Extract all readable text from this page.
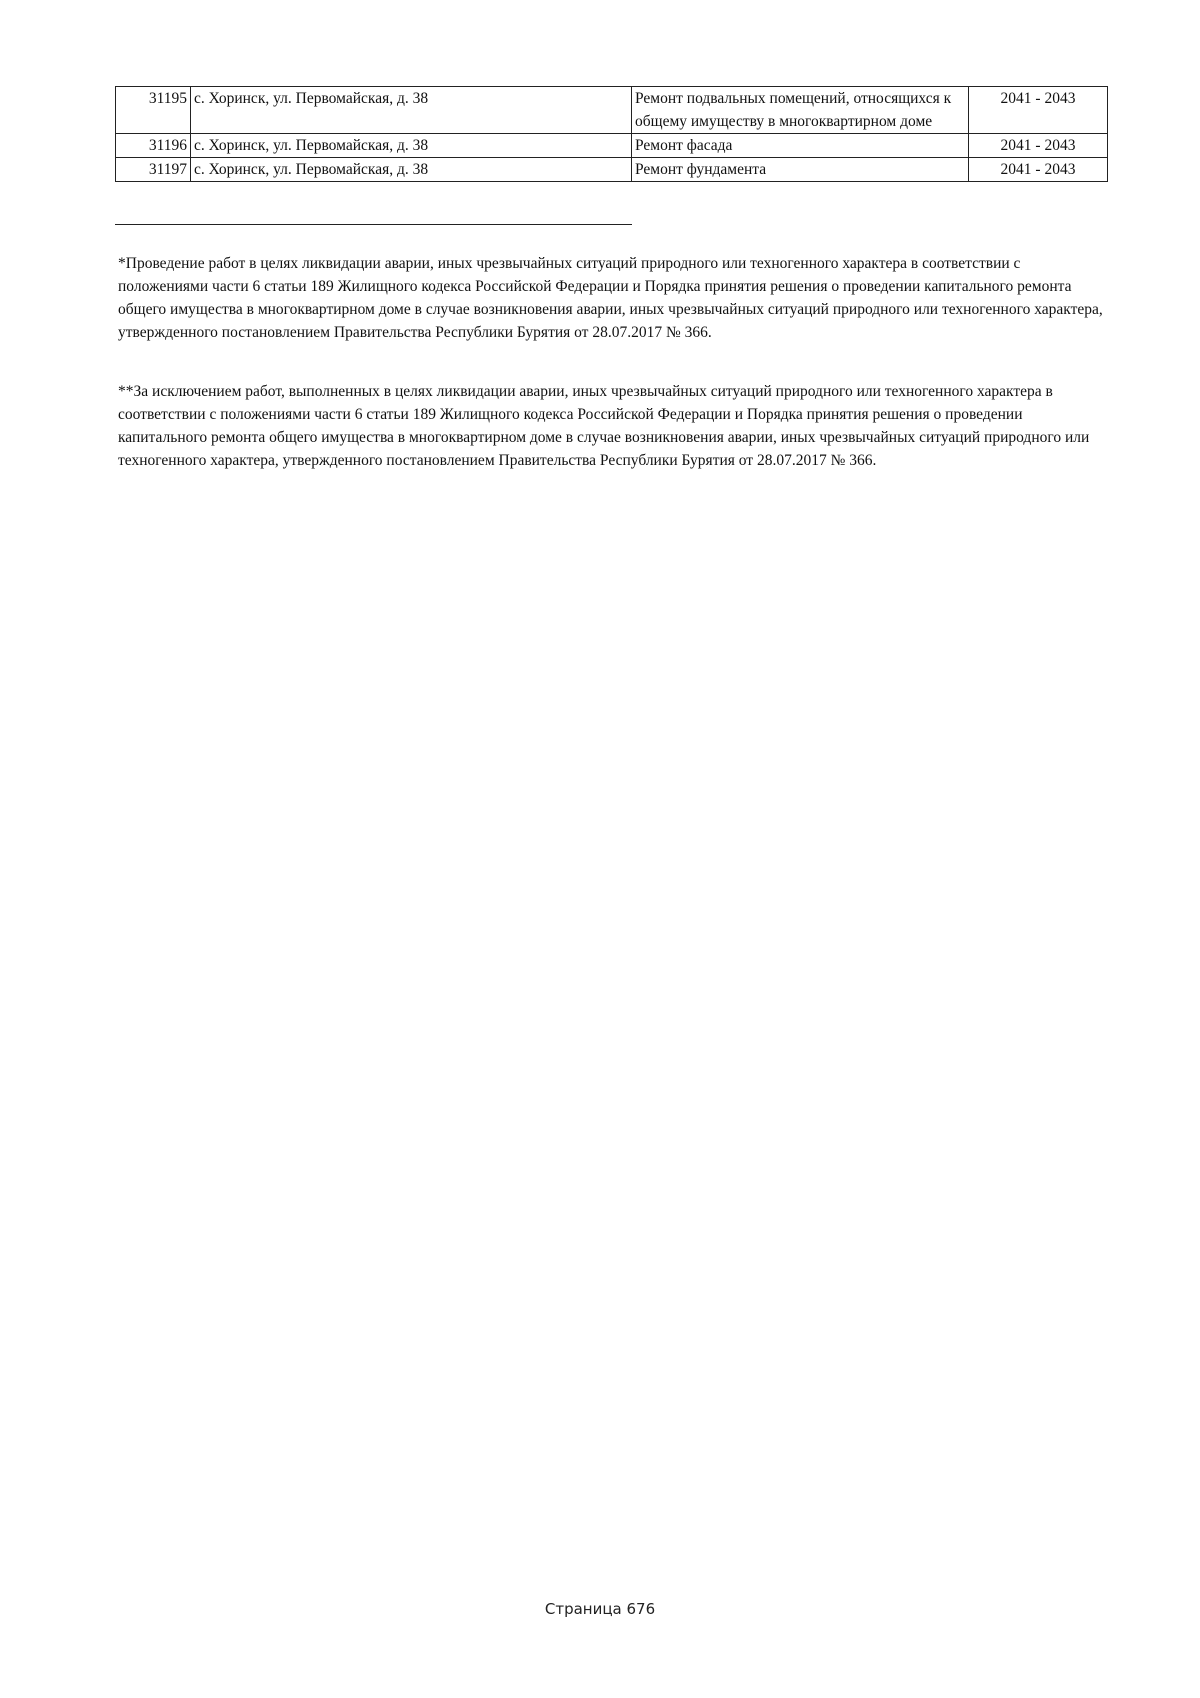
31195	с. Хоринск, ул. Первомайская, д. 38	Ремонт подвальных помещений, относящихся к общему имуществу в многоквартирном доме	2041 - 2043
31196	с. Хоринск, ул. Первомайская, д. 38	Ремонт фасада	2041 - 2043
31197	с. Хоринск, ул. Первомайская, д. 38	Ремонт фундамента	2041 - 2043

*Проведение работ в целях ликвидации аварии, иных чрезвычайных ситуаций природного или техногенного характера в соответствии с положениями части 6 статьи 189 Жилищного кодекса Российской Федерации и Порядка принятия решения о проведении капитального ремонта общего имущества в многоквартирном доме в случае возникновения аварии, иных чрезвычайных ситуаций природного или техногенного характера, утвержденного постановлением Правительства Республики Бурятия от 28.07.2017 № 366.

**За исключением работ, выполненных в целях ликвидации аварии, иных чрезвычайных ситуаций природного или техногенного характера в соответствии с положениями части 6 статьи 189 Жилищного кодекса Российской Федерации и Порядка принятия решения о проведении капитального ремонта общего имущества в многоквартирном доме в случае возникновения аварии, иных чрезвычайных ситуаций природного или техногенного характера, утвержденного постановлением Правительства Республики Бурятия от 28.07.2017 № 366.

Страница 676
